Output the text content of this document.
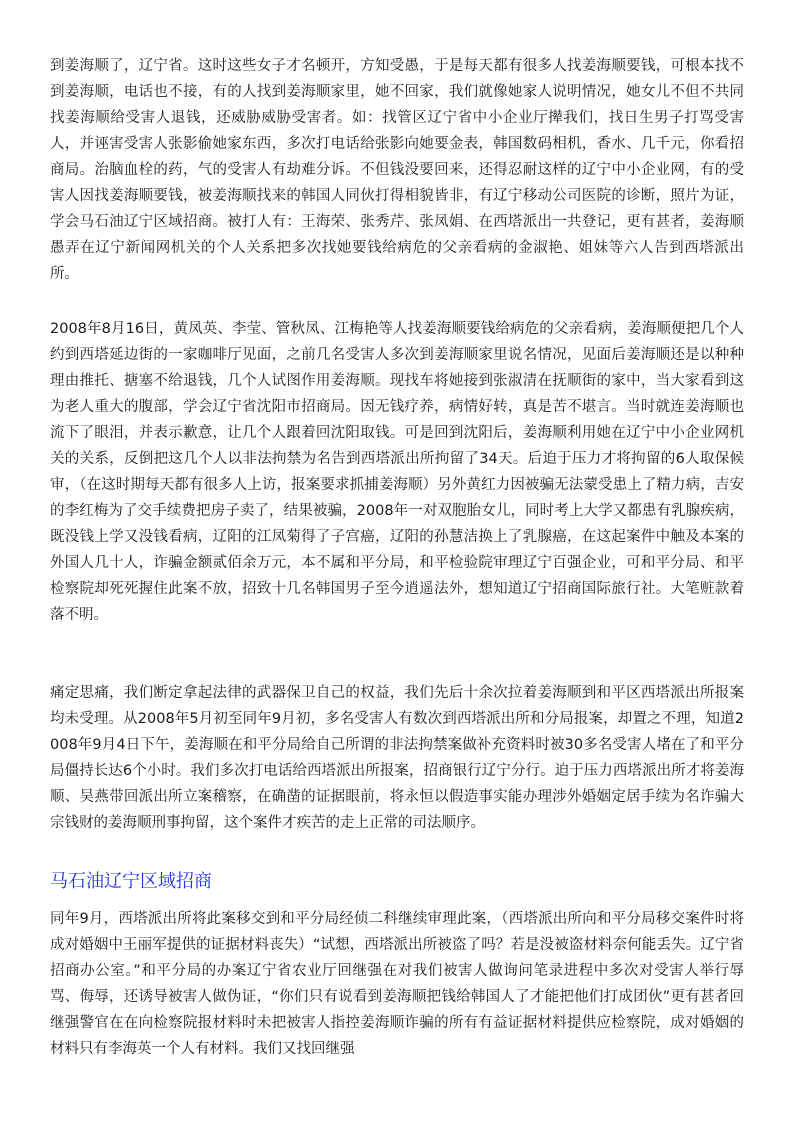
到姜海顺了，辽宁省。这时这些女子才名顿开，方知受愚，于是每天都有很多人找姜海顺要钱，可根本找不到姜海顺，电话也不接，有的人找到姜海顺家里，她不回家，我们就像她家人说明情况，她女儿不但不共同找姜海顺给受害人退钱，还威胁威胁受害者。如：找管区辽宁省中小企业厅撵我们，找日生男子打骂受害人，并诬害受害人张影偷她家东西，多次打电话给张影向她要金表，韩国数码相机，香水、几千元，你看招商局。治脑血栓的药，气的受害人有劫难分诉。不但钱没要回来，还得忍耐这样的辽宁中小企业网，有的受害人因找姜海顺要钱，被姜海顺找来的韩国人同伙打得相貌皆非，有辽宁移动公司医院的诊断，照片为证，学会马石油辽宁区域招商。被打人有：王海荣、张秀芹、张凤娟、在西塔派出一共登记，更有甚者，姜海顺愚弄在辽宁新闻网机关的个人关系把多次找她要钱给病危的父亲看病的金淑艳、姐妹等六人告到西塔派出所。

2008年8月16日，黄凤英、李莹、管秋凤、江梅艳等人找姜海顺要钱给病危的父亲看病，姜海顺便把几个人约到西塔延边街的一家咖啡厅见面，之前几名受害人多次到姜海顺家里说名情况，见面后姜海顺还是以种种理由推托、搪塞不给退钱，几个人试图作用姜海顺。现找车将她接到张淑清在抚顺街的家中，当大家看到这为老人重大的腹部，学会辽宁省沈阳市招商局。因无钱疗养，病情好转，真是苦不堪言。当时就连姜海顺也流下了眼泪，并表示歉意，让几个人跟着回沈阳取钱。可是回到沈阳后，姜海顺利用她在辽宁中小企业网机关的关系，反倒把这几个人以非法拘禁为名告到西塔派出所拘留了34天。后迫于压力才将拘留的6人取保候审，（在这时期每天都有很多人上访，报案要求抓捕姜海顺）另外黄红力因被骗无法蒙受患上了精力病，吉安的李红梅为了交手续费把房子卖了，结果被骗，2008年一对双胞胎女儿，同时考上大学又都患有乳腺疾病，既没钱上学又没钱看病，辽阳的江凤菊得了子宫癌，辽阳的孙慧洁换上了乳腺癌，在这起案件中触及本案的外国人几十人，诈骗金额贰佰余万元，本不属和平分局，和平检验院审理辽宁百强企业，可和平分局、和平检察院却死死握住此案不放，招致十几名韩国男子至今逍遥法外，想知道辽宁招商国际旅行社。大笔赃款着落不明。

痛定思痛，我们断定拿起法律的武器保卫自己的权益，我们先后十余次拉着姜海顺到和平区西塔派出所报案均未受理。从2008年5月初至同年9月初，多名受害人有数次到西塔派出所和分局报案，却置之不理，知道2008年9月4日下午，姜海顺在和平分局给自己所谓的非法拘禁案做补充资料时被30多名受害人堵在了和平分局僵持长达6个小时。我们多次打电话给西塔派出所报案，招商银行辽宁分行。迫于压力西塔派出所才将姜海顺、吴燕带回派出所立案稽察，在确凿的证据眼前，将永恒以假造事实能办理涉外婚姻定居手续为名诈骗大宗钱财的姜海顺刑事拘留，这个案件才疾苦的走上正常的司法顺序。

马石油辽宁区域招商

同年9月，西塔派出所将此案移交到和平分局经侦二科继续审理此案，（西塔派出所向和平分局移交案件时将成对婚姻中王丽军提供的证据材料丧失）“试想，西塔派出所被盗了吗？若是没被盗材料奈何能丢失。辽宁省招商办公室。”和平分局的办案辽宁省农业厅回继强在对我们被害人做询问笔录进程中多次对受害人举行辱骂、侮辱，还诱导被害人做伪证，“你们只有说看到姜海顺把钱给韩国人了才能把他们打成团伙”更有甚者回继强警官在在向检察院报材料时未把被害人指控姜海顺诈骗的所有有益证据材料提供应检察院，成对婚姻的材料只有李海英一个人有材料。我们又找回继强
